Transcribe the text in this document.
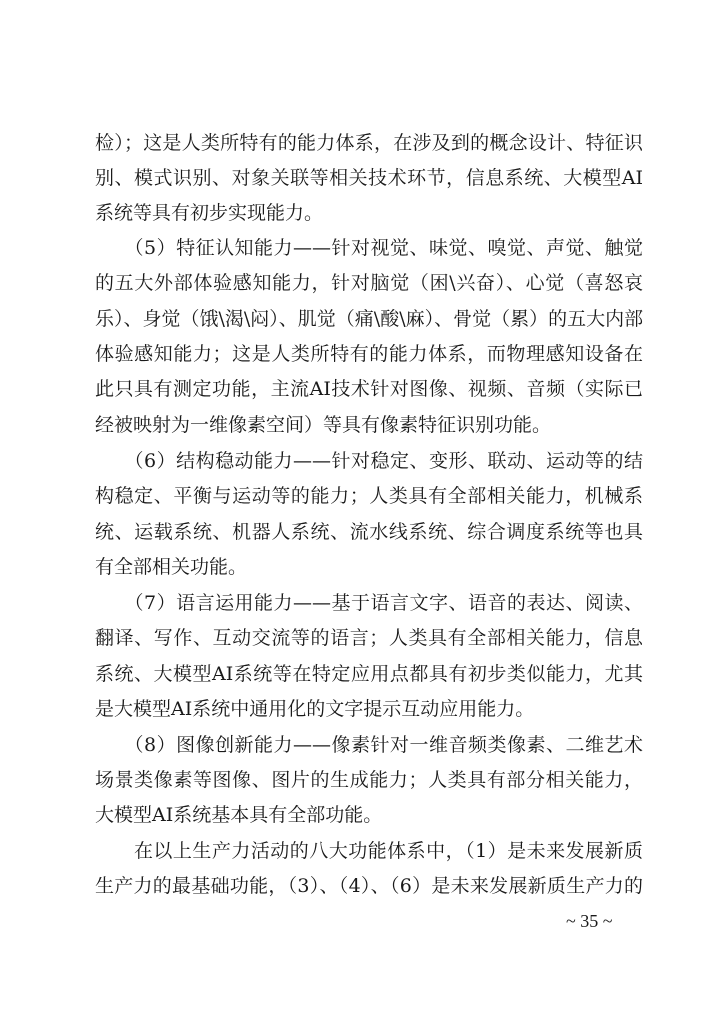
检）；这是人类所特有的能力体系，在涉及到的概念设计、特征识
别、模式识别、对象关联等相关技术环节，信息系统、大模型AI
系统等具有初步实现能力。
　　（5）特征认知能力——针对视觉、味觉、嗅觉、声觉、触觉
的五大外部体验感知能力，针对脑觉（困\兴奋）、心觉（喜怒哀
乐）、身觉（饿\渴\闷）、肌觉（痛\酸\麻）、骨觉（累）的五大内部
体验感知能力；这是人类所特有的能力体系，而物理感知设备在
此只具有测定功能，主流AI技术针对图像、视频、音频（实际已
经被映射为一维像素空间）等具有像素特征识别功能。
　　（6）结构稳动能力——针对稳定、变形、联动、运动等的结
构稳定、平衡与运动等的能力；人类具有全部相关能力，机械系
统、运载系统、机器人系统、流水线系统、综合调度系统等也具
有全部相关功能。
　　（7）语言运用能力——基于语言文字、语音的表达、阅读、
翻译、写作、互动交流等的语言；人类具有全部相关能力，信息
系统、大模型AI系统等在特定应用点都具有初步类似能力，尤其
是大模型AI系统中通用化的文字提示互动应用能力。
　　（8）图像创新能力——像素针对一维音频类像素、二维艺术
场景类像素等图像、图片的生成能力；人类具有部分相关能力，
大模型AI系统基本具有全部功能。
　　在以上生产力活动的八大功能体系中，（1）是未来发展新质
生产力的最基础功能，（3）、（4）、（6）是未来发展新质生产力的
~ 35 ~
